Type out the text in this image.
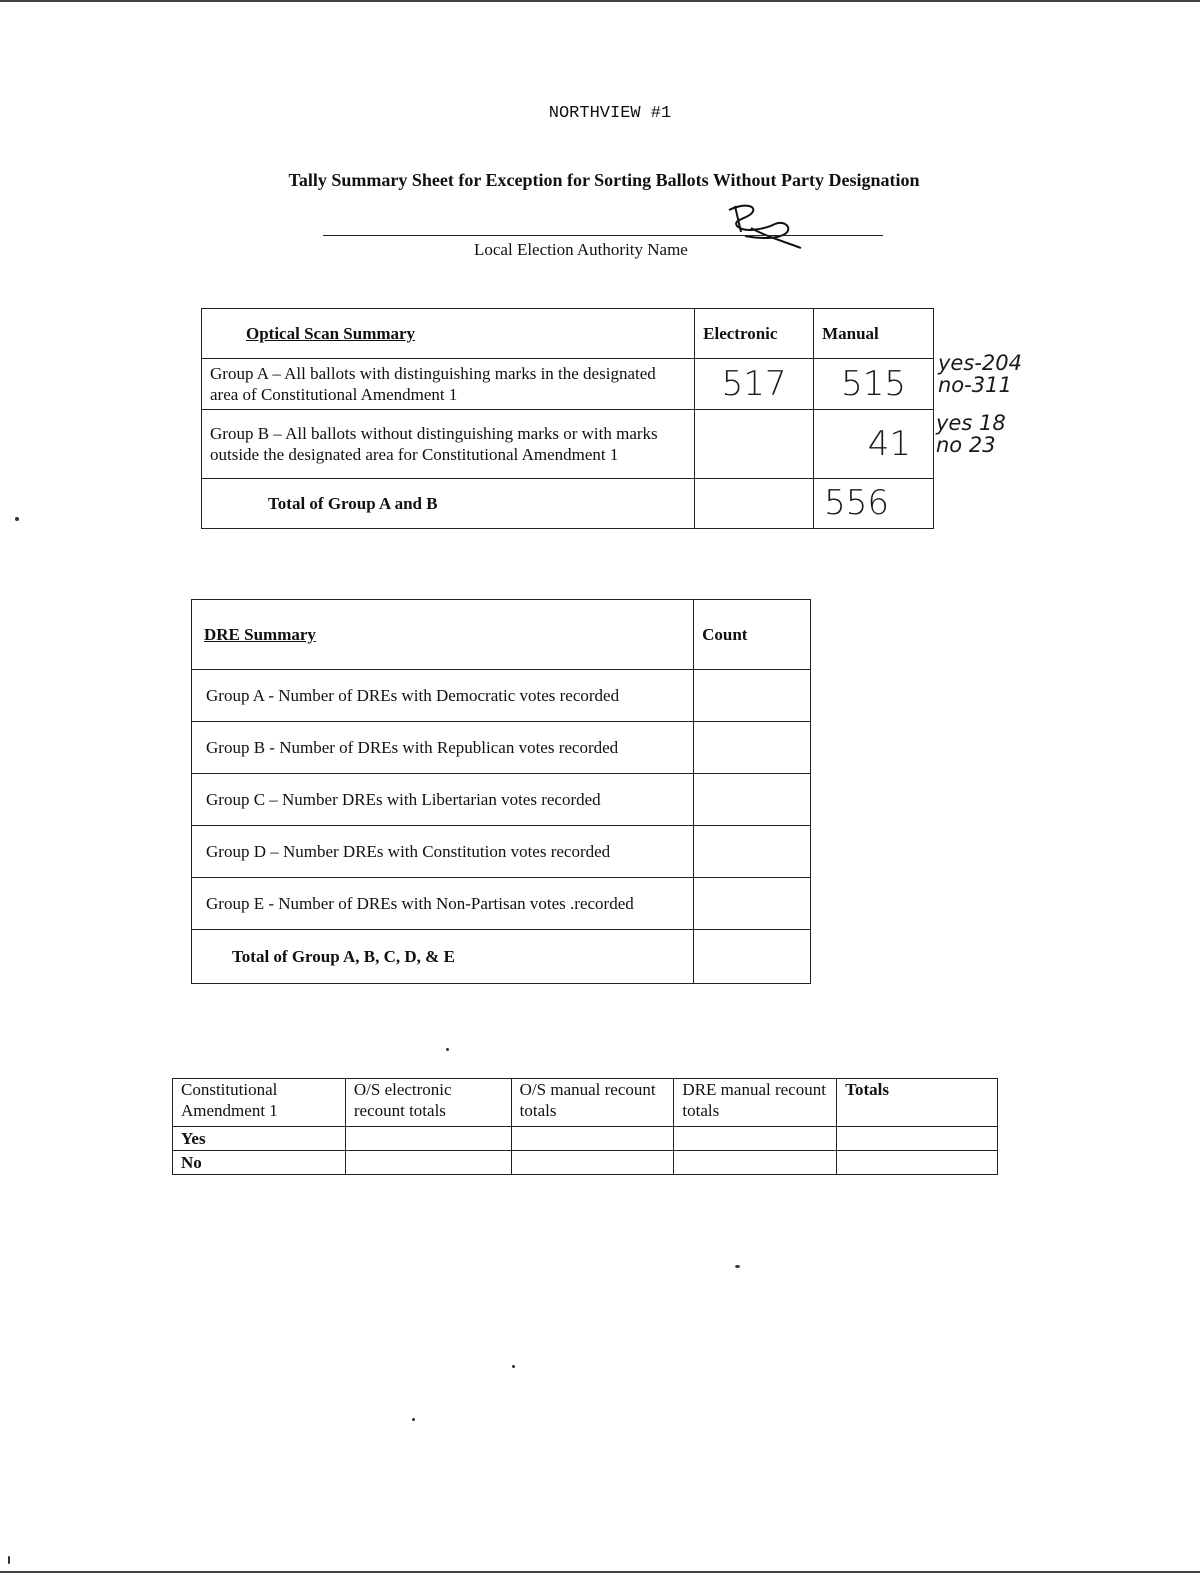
NORTHVIEW #1
Tally Summary Sheet for Exception for Sorting Ballots Without Party Designation
Local Election Authority Name
Optical Scan Summary	Electronic	Manual
Group A – All ballots with distinguishing marks in the designated area of Constitutional Amendment 1	517	515
Group B – All ballots without distinguishing marks or with marks outside the designated area for Constitutional Amendment 1		41
Total of Group A and B		556
yes-204
no-311
yes 18
no 23
DRE Summary	Count
Group A - Number of DREs with Democratic votes recorded	
Group B - Number of DREs with Republican votes recorded	
Group C – Number DREs with Libertarian votes recorded	
Group D – Number DREs with Constitution votes recorded	
Group E - Number of DREs with Non-Partisan votes .recorded	
Total of Group A, B, C, D, & E	
Constitutional Amendment 1	O/S electronic recount totals	O/S manual recount totals	DRE manual recount totals	Totals
Yes				
No				
